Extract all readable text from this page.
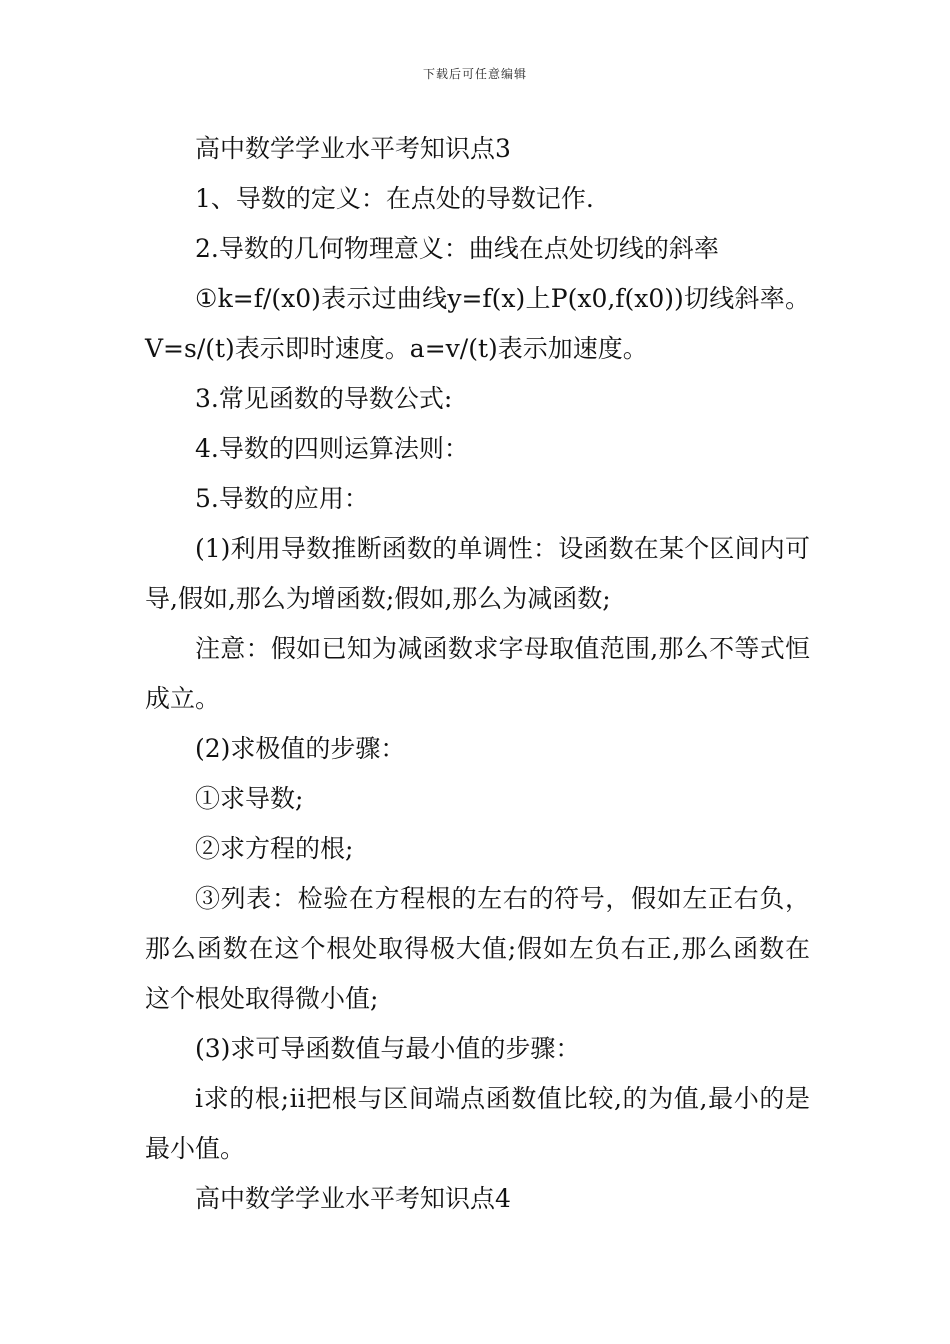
下载后可任意编辑

高中数学学业水平考知识点3

1、导数的定义：在点处的导数记作.

2.导数的几何物理意义：曲线在点处切线的斜率

①k=f/(x0)表示过曲线y=f(x)上P(x0,f(x0))切线斜率。V=s/(t)表示即时速度。a=v/(t)表示加速度。

3.常见函数的导数公式:

4.导数的四则运算法则：

5.导数的应用：

(1)利用导数推断函数的单调性：设函数在某个区间内可导,假如,那么为增函数;假如,那么为减函数;

注意：假如已知为减函数求字母取值范围,那么不等式恒成立。

(2)求极值的步骤：

①求导数;

②求方程的根;

③列表：检验在方程根的左右的符号，假如左正右负，那么函数在这个根处取得极大值;假如左负右正,那么函数在这个根处取得微小值;

(3)求可导函数值与最小值的步骤：

ⅰ求的根;ⅱ把根与区间端点函数值比较,的为值,最小的是最小值。

高中数学学业水平考知识点4
